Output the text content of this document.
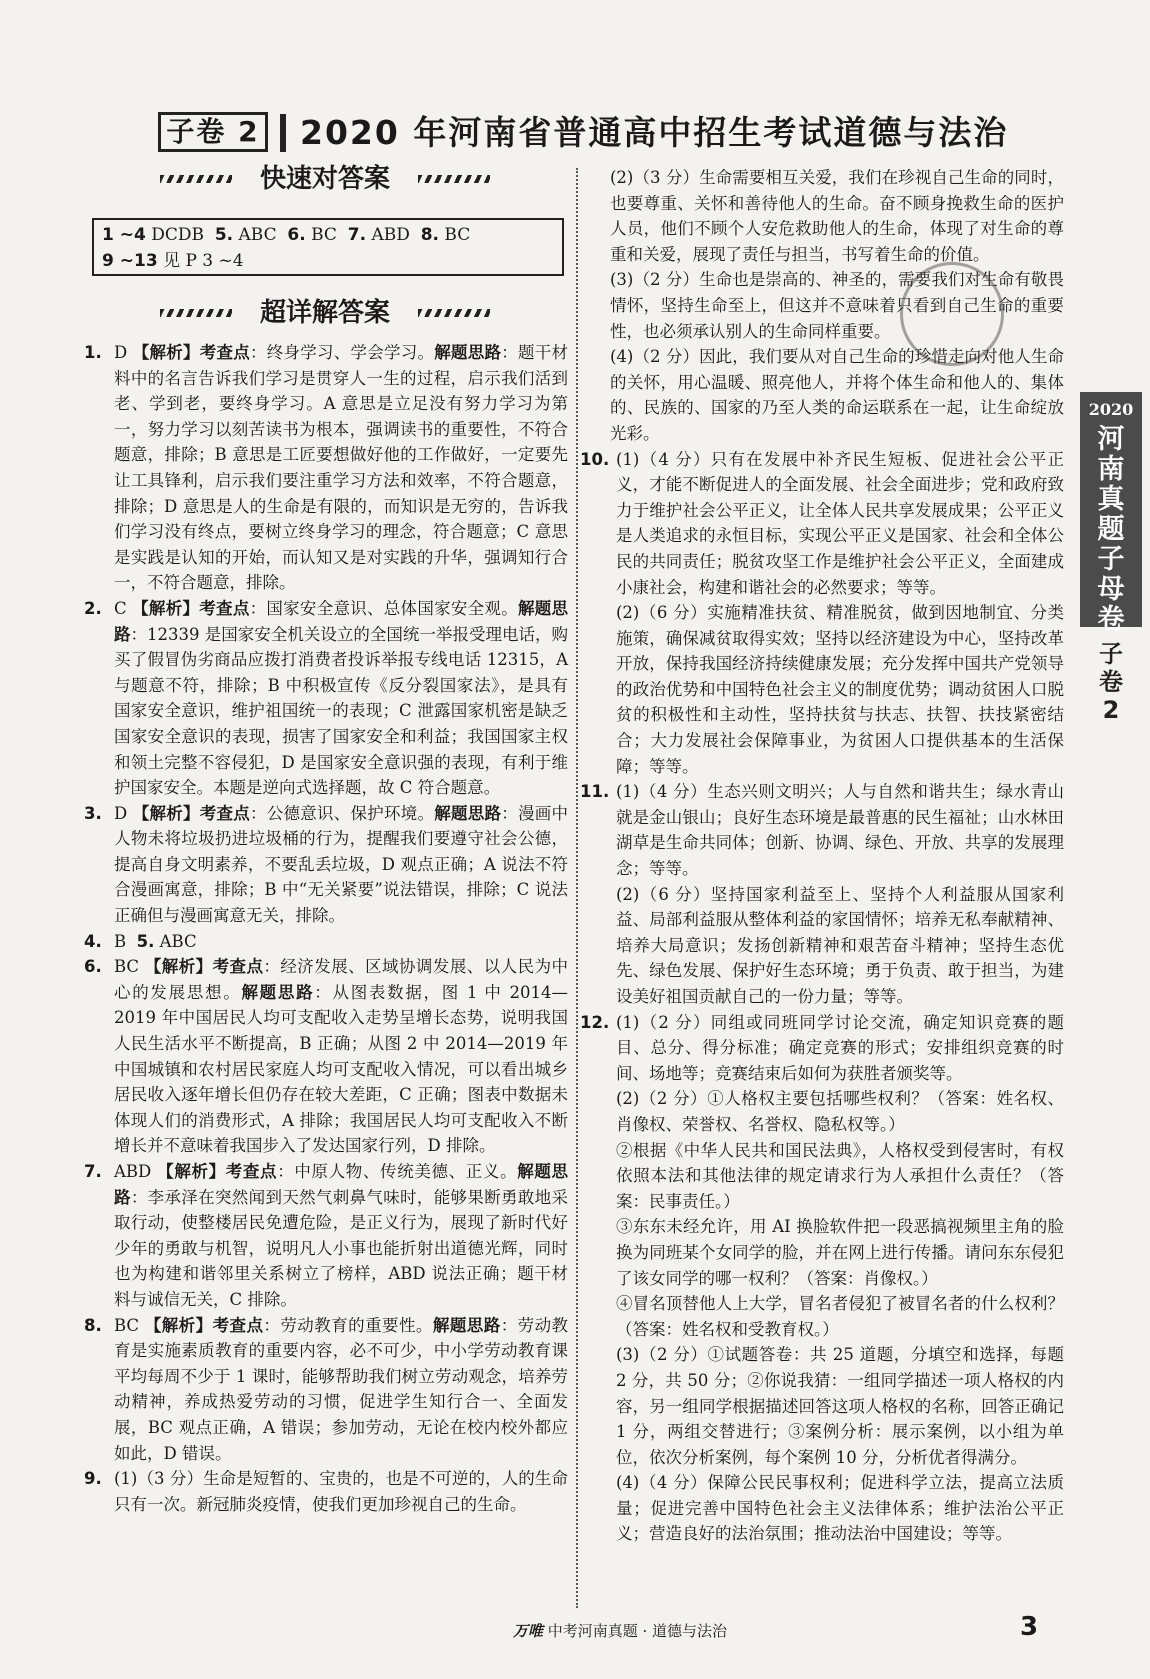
子卷 2 2020 年河南省普通高中招生考试道德与法治
快速对答案
1 ~4 DCDB 5. ABC 6. BC 7. ABD 8. BC
9 ~13 见 P 3 ~4
超详解答案

1. D 【解析】考查点：终身学习、学会学习。解题思路：题干材料中的名言告诉我们学习是贯穿人一生的过程，启示我们活到老、学到老，要终身学习。A 意思是立足没有努力学习为第一，努力学习以刻苦读书为根本，强调读书的重要性，不符合题意，排除；B 意思是工匠要想做好他的工作做好，一定要先让工具锋利，启示我们要注重学习方法和效率，不符合题意，排除；D 意思是人的生命是有限的，而知识是无穷的，告诉我们学习没有终点，要树立终身学习的理念，符合题意；C 意思是实践是认知的开始，而认知又是对实践的升华，强调知行合一，不符合题意，排除。

2. C 【解析】考查点：国家安全意识、总体国家安全观。解题思路：12339 是国家安全机关设立的全国统一举报受理电话，购买了假冒伪劣商品应拨打消费者投诉举报专线电话 12315，A 与题意不符，排除；B 中积极宣传《反分裂国家法》，是具有国家安全意识，维护祖国统一的表现；C 泄露国家机密是缺乏国家安全意识的表现，损害了国家安全和利益；我国国家主权和领土完整不容侵犯，D 是国家安全意识强的表现，有利于维护国家安全。本题是逆向式选择题，故 C 符合题意。

3. D 【解析】考查点：公德意识、保护环境。解题思路：漫画中人物未将垃圾扔进垃圾桶的行为，提醒我们要遵守社会公德，提高自身文明素养，不要乱丢垃圾，D 观点正确；A 说法不符合漫画寓意，排除；B 中“无关紧要”说法错误，排除；C 说法正确但与漫画寓意无关，排除。

4. B 5. ABC

6. BC 【解析】考查点：经济发展、区域协调发展、以人民为中心的发展思想。解题思路：从图表数据，图 1 中 2014—2019 年中国居民人均可支配收入走势呈增长态势，说明我国人民生活水平不断提高，B 正确；从图 2 中 2014—2019 年中国城镇和农村居民家庭人均可支配收入情况，可以看出城乡居民收入逐年增长但仍存在较大差距，C 正确；图表中数据未体现人们的消费形式，A 排除；我国居民人均可支配收入不断增长并不意味着我国步入了发达国家行列，D 排除。

7. ABD 【解析】考查点：中原人物、传统美德、正义。解题思路：李承泽在突然闻到天然气刺鼻气味时，能够果断勇敢地采取行动，使整楼居民免遭危险，是正义行为，展现了新时代好少年的勇敢与机智，说明凡人小事也能折射出道德光辉，同时也为构建和谐邻里关系树立了榜样，ABD 说法正确；题干材料与诚信无关，C 排除。

8. BC 【解析】考查点：劳动教育的重要性。解题思路：劳动教育是实施素质教育的重要内容，必不可少，中小学劳动教育课平均每周不少于 1 课时，能够帮助我们树立劳动观念，培养劳动精神，养成热爱劳动的习惯，促进学生知行合一、全面发展，BC 观点正确，A 错误；参加劳动，无论在校内校外都应如此，D 错误。

9. (1)（3 分）生命是短暂的、宝贵的，也是不可逆的，人的生命只有一次。新冠肺炎疫情，使我们更加珍视自己的生命。

(2)（3 分）生命需要相互关爱，我们在珍视自己生命的同时，也要尊重、关怀和善待他人的生命。奋不顾身挽救生命的医护人员，他们不顾个人安危救助他人的生命，体现了对生命的尊重和关爱，展现了责任与担当，书写着生命的价值。

(3)（2 分）生命也是崇高的、神圣的，需要我们对生命有敬畏情怀，坚持生命至上，但这并不意味着只看到自己生命的重要性，也必须承认别人的生命同样重要。

(4)（2 分）因此，我们要从对自己生命的珍惜走向对他人生命的关怀，用心温暖、照亮他人，并将个体生命和他人的、集体的、民族的、国家的乃至人类的命运联系在一起，让生命绽放光彩。

10. (1)（4 分）只有在发展中补齐民生短板、促进社会公平正义，才能不断促进人的全面发展、社会全面进步；党和政府致力于维护社会公平正义，让全体人民共享发展成果；公平正义是人类追求的永恒目标，实现公平正义是国家、社会和全体公民的共同责任；脱贫攻坚工作是维护社会公平正义，全面建成小康社会，构建和谐社会的必然要求；等等。

(2)（6 分）实施精准扶贫、精准脱贫，做到因地制宜、分类施策，确保减贫取得实效；坚持以经济建设为中心，坚持改革开放，保持我国经济持续健康发展；充分发挥中国共产党领导的政治优势和中国特色社会主义的制度优势；调动贫困人口脱贫的积极性和主动性，坚持扶贫与扶志、扶智、扶技紧密结合；大力发展社会保障事业，为贫困人口提供基本的生活保障；等等。

11. (1)（4 分）生态兴则文明兴；人与自然和谐共生；绿水青山就是金山银山；良好生态环境是最普惠的民生福祉；山水林田湖草是生命共同体；创新、协调、绿色、开放、共享的发展理念；等等。

(2)（6 分）坚持国家利益至上、坚持个人利益服从国家利益、局部利益服从整体利益的家国情怀；培养无私奉献精神、培养大局意识；发扬创新精神和艰苦奋斗精神；坚持生态优先、绿色发展、保护好生态环境；勇于负责、敢于担当，为建设美好祖国贡献自己的一份力量；等等。

12. (1)（2 分）同组或同班同学讨论交流，确定知识竞赛的题目、总分、得分标准；确定竞赛的形式；安排组织竞赛的时间、场地等；竞赛结束后如何为获胜者颁奖等。

(2)（2 分）①人格权主要包括哪些权利？（答案：姓名权、肖像权、荣誉权、名誉权、隐私权等。）

②根据《中华人民共和国民法典》，人格权受到侵害时，有权依照本法和其他法律的规定请求行为人承担什么责任？（答案：民事责任。）

③东东未经允许，用 AI 换脸软件把一段恶搞视频里主角的脸换为同班某个女同学的脸，并在网上进行传播。请问东东侵犯了该女同学的哪一权利？（答案：肖像权。）

④冒名顶替他人上大学，冒名者侵犯了被冒名者的什么权利？（答案：姓名权和受教育权。）

(3)（2 分）①试题答卷：共 25 道题，分填空和选择，每题 2 分，共 50 分；②你说我猜：一组同学描述一项人格权的内容，另一组同学根据描述回答这项人格权的名称，回答正确记 1 分，两组交替进行；③案例分析：展示案例，以小组为单位，依次分析案例，每个案例 10 分，分析优者得满分。

(4)（4 分）保障公民民事权利；促进科学立法，提高立法质量；促进完善中国特色社会主义法律体系；维护法治公平正义；营造良好的法治氛围；推动法治中国建设；等等。

2020
河南真题子母卷
子卷
2
万唯 中考河南真题 · 道德与法治	3
